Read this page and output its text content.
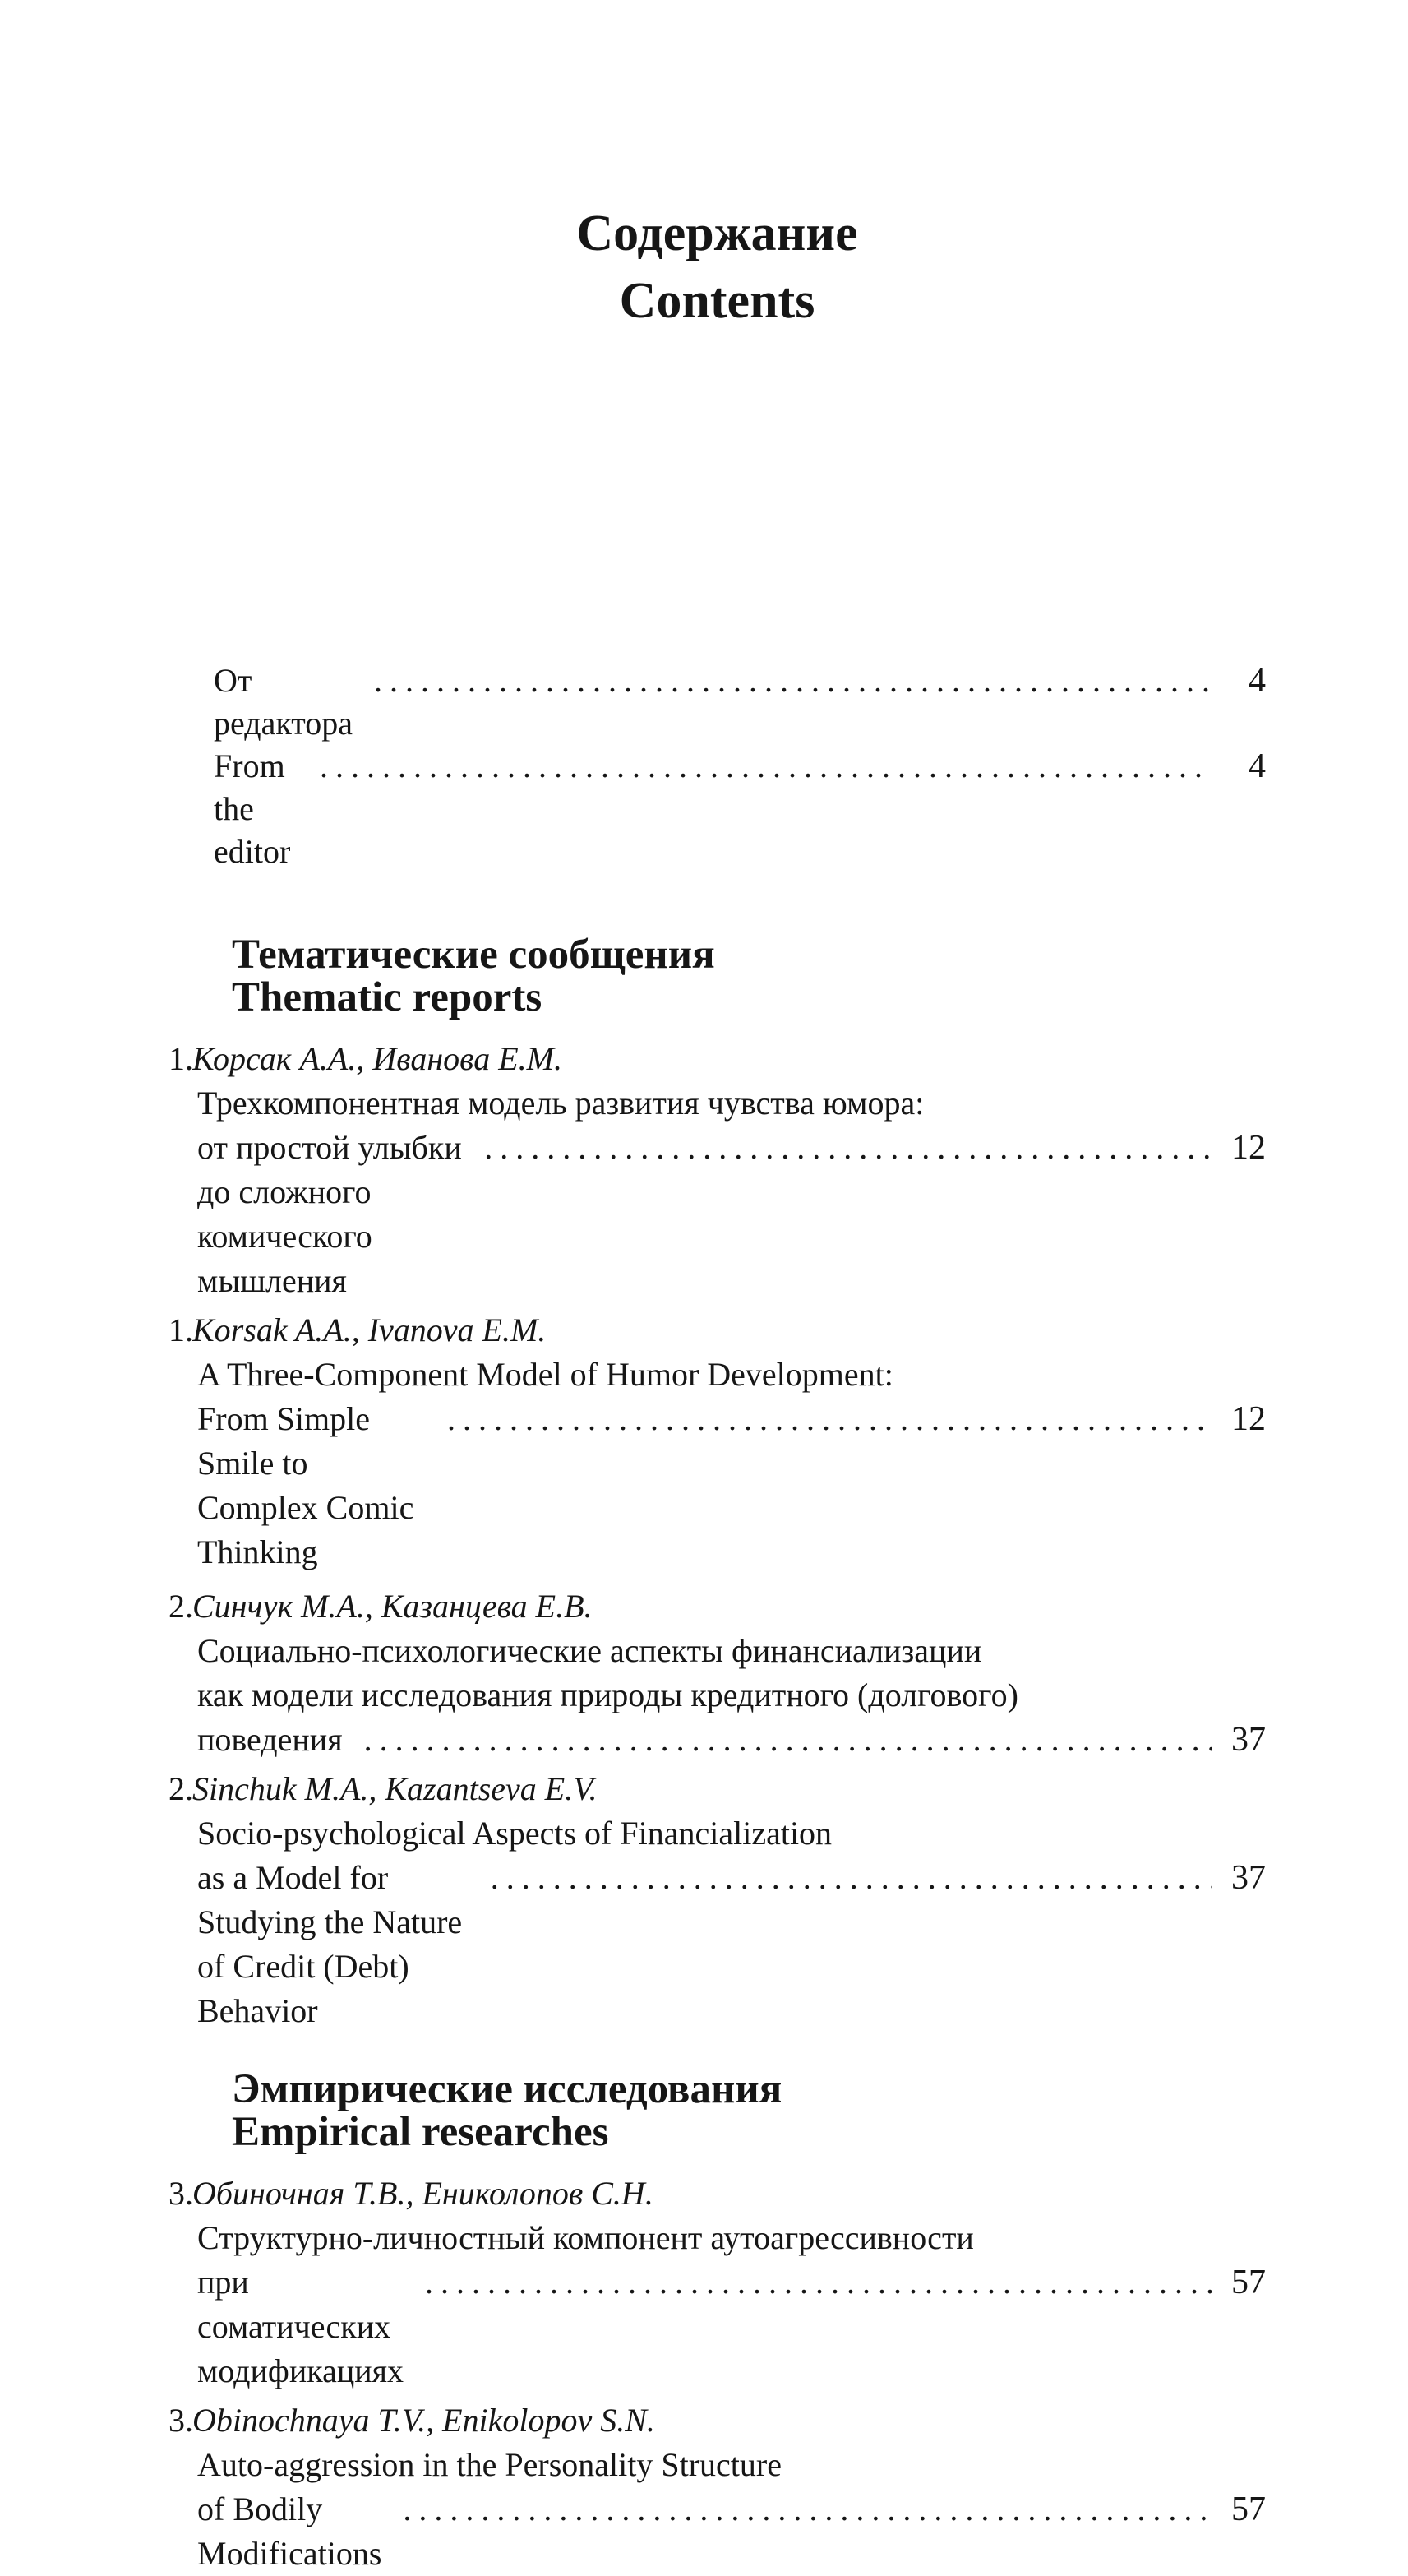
Содержание
Contents
От редактора
.....
4
From the editor
.....
4
Тематические сообщения
Thematic reports
1. Корсак А.А., Иванова Е.М.
Трехкомпонентная модель развития чувства юмора:
от простой улыбки до сложного комического мышления
.....
12
1. Korsak A.A., Ivanova E.M.
A Three-Component Model of Humor Development:
From Simple Smile to Complex Comic Thinking
.....
12
2. Синчук М.А., Казанцева Е.В.
Социально-психологические аспекты финансиализации
как модели исследования природы кредитного (долгового)
поведения .....	37
2. Sinchuk M.A., Kazantseva E.V.
Socio-psychological Aspects of Financialization
as a Model for Studying the Nature of Credit (Debt) Behavior
.....
37
Эмпирические исследования
Empirical researches
3. Обиночная Т.В., Ениколопов С.Н.
Структурно-личностный компонент аутоагрессивности
при соматических модификациях
.....
57
3. Obinochnaya T.V., Enikolopov S.N.
Auto-aggression in the Personality Structure
of Bodily Modifications
.....
57
